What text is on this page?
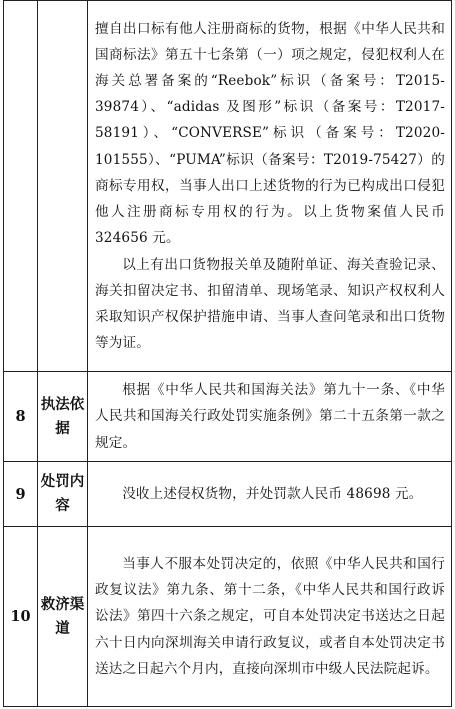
		擅自出口标有他人注册商标的货物，根据《中华人民共和国商标法》第五十七条第（一）项之规定，侵犯权利人在海关总署备案的“Reebok”标识（备案号：T2015-39874）、“adidas 及图形”标识（备案号：T2017-58191）、“CONVERSE”标识（备案号：T2020-101555）、“PUMA”标识（备案号：T2019-75427）的商标专用权，当事人出口上述货物的行为已构成出口侵犯他人注册商标专用权的行为。以上货物案值人民币 324656 元。

以上有出口货物报关单及随附单证、海关查验记录、海关扣留决定书、扣留清单、现场笔录、知识产权权利人采取知识产权保护措施申请、当事人查问笔录和出口货物等为证。

8	执法依据	根据《中华人民共和国海关法》第九十一条、《中华人民共和国海关行政处罚实施条例》第二十五条第一款之规定。

9	处罚内容	没收上述侵权货物，并处罚款人民币 48698 元。

10	救济渠道	当事人不服本处罚决定的，依照《中华人民共和国行政复议法》第九条、第十二条，《中华人民共和国行政诉讼法》第四十六条之规定，可自本处罚决定书送达之日起六十日内向深圳海关申请行政复议，或者自本处罚决定书送达之日起六个月内，直接向深圳市中级人民法院起诉。
